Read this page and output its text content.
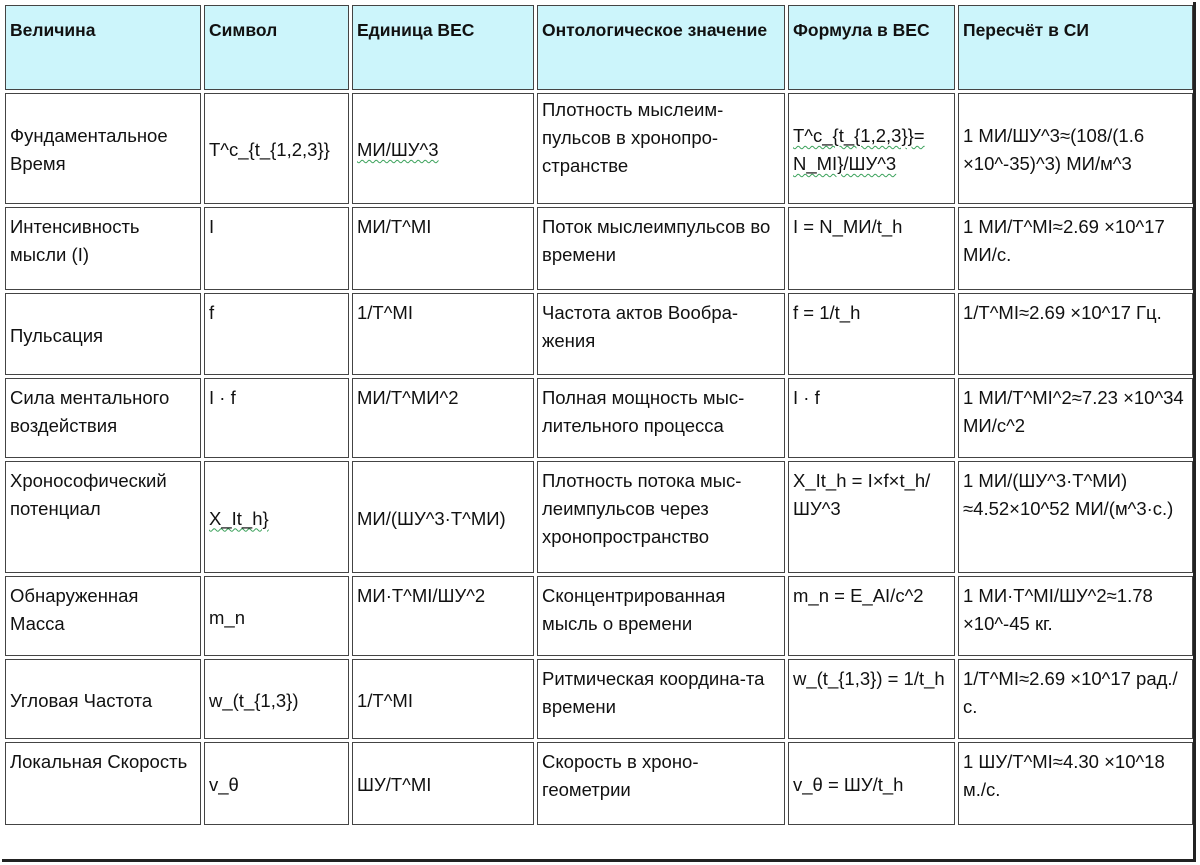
Величина	Символ	Единица ВЕС	Онтологическое значение	Формула в ВЕС	Пересчёт в СИ
Фундаментальное Время	T^c_{t_{1,2,3}}	МИ/ШУ^3	Плотность мыслеим-пульсов в хронопро-странстве	T^c_{t_{1,2,3}}= N_MI}/ШУ^3	1 МИ/ШУ^3≈(108/(1.6 ×10^-35)^3) МИ/м^3
Интенсивность мысли (I)	I	МИ/T^MI	Поток мыслеимпульсов во времени	I = N_МИ/t_h	1 МИ/T^MI≈2.69 ×10^17 МИ/с.
Пульсация	f	1/T^MI	Частота актов Вообра-жения	f = 1/t_h	1/T^MI≈2.69 ×10^17 Гц.
Сила ментального воздействия	I · f	МИ/T^МИ^2	Полная мощность мыс-лительного процесса	I · f	1 МИ/T^MI^2≈7.23 ×10^34 МИ/с^2
Хронософический потенциал	X_It_h}	МИ/(ШУ^3·T^МИ)	Плотность потока мыс-леимпульсов через хронопространство	X_It_h = I×f×t_h/ ШУ^3	1 МИ/(ШУ^3·T^МИ) ≈4.52×10^52 МИ/(м^3·с.)
Обнаруженная Масса	m_n	МИ·T^MI/ШУ^2	Сконцентрированная мысль о времени	m_n = E_AI/c^2	1 МИ·T^MI/ШУ^2≈1.78 ×10^-45 кг.
Угловая Частота	w_(t_{1,3})	1/T^MI	Ритмическая координа-та времени	w_(t_{1,3}) = 1/t_h	1/T^MI≈2.69 ×10^17 рад./с.
Локальная Скорость	v_θ	ШУ/T^MI	Скорость в хроно-геометрии	v_θ = ШУ/t_h	1 ШУ/T^MI≈4.30 ×10^18 м./с.
